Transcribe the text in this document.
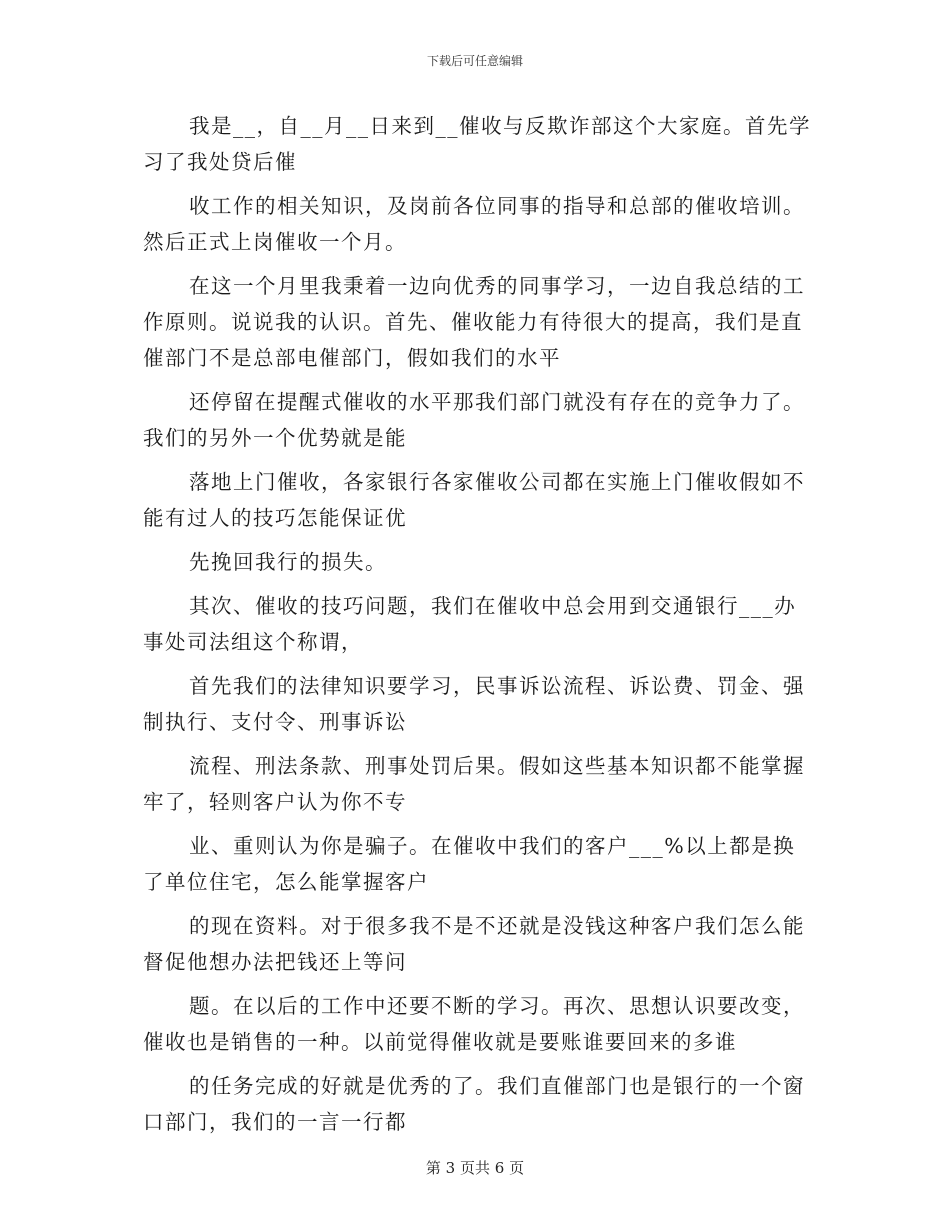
下载后可任意编辑

我是__，自__月__日来到__催收与反欺诈部这个大家庭。首先学习了我处贷后催

收工作的相关知识，及岗前各位同事的指导和总部的催收培训。然后正式上岗催收一个月。

在这一个月里我秉着一边向优秀的同事学习，一边自我总结的工作原则。说说我的认识。首先、催收能力有待很大的提高，我们是直催部门不是总部电催部门，假如我们的水平

还停留在提醒式催收的水平那我们部门就没有存在的竞争力了。我们的另外一个优势就是能

落地上门催收，各家银行各家催收公司都在实施上门催收假如不能有过人的技巧怎能保证优

先挽回我行的损失。

其次、催收的技巧问题，我们在催收中总会用到交通银行___办事处司法组这个称谓，

首先我们的法律知识要学习，民事诉讼流程、诉讼费、罚金、强制执行、支付令、刑事诉讼

流程、刑法条款、刑事处罚后果。假如这些基本知识都不能掌握牢了，轻则客户认为你不专

业、重则认为你是骗子。在催收中我们的客户___%以上都是换了单位住宅，怎么能掌握客户

的现在资料。对于很多我不是不还就是没钱这种客户我们怎么能督促他想办法把钱还上等问

题。在以后的工作中还要不断的学习。再次、思想认识要改变，催收也是销售的一种。以前觉得催收就是要账谁要回来的多谁

的任务完成的好就是优秀的了。我们直催部门也是银行的一个窗口部门，我们的一言一行都

第 3 页共 6 页
